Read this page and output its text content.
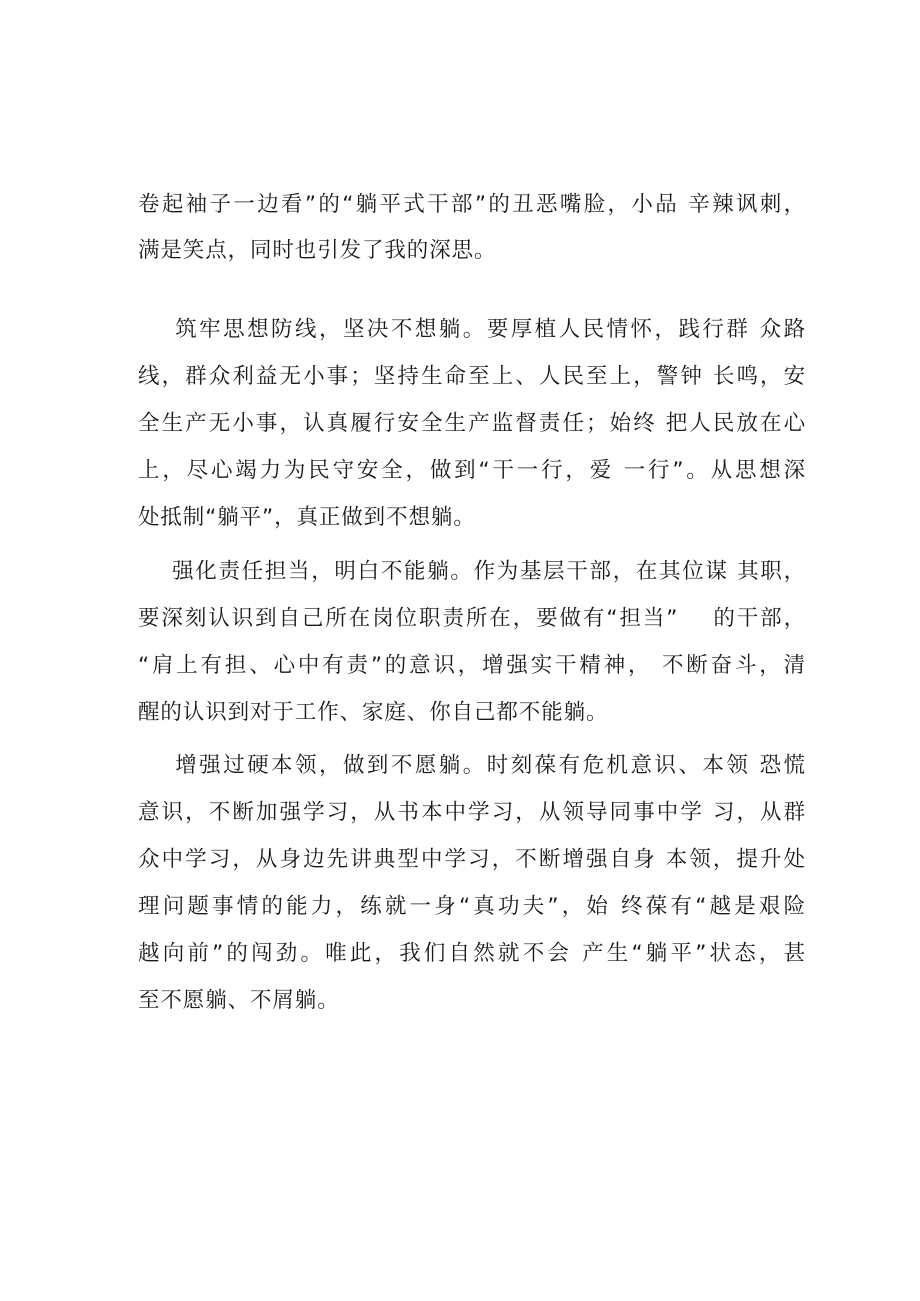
卷起袖子一边看”的“躺平式干部”的丑恶嘴脸，小品 辛辣讽刺，
满是笑点，同时也引发了我的深思。
筑牢思想防线，坚决不想躺。要厚植人民情怀，践行群 众路
线，群众利益无小事；坚持生命至上、人民至上，警钟 长鸣，安
全生产无小事，认真履行安全生产监督责任；始终 把人民放在心
上，尽心竭力为民守安全，做到“干一行，爱 一行”。从思想深
处抵制“躺平”，真正做到不想躺。
强化责任担当，明白不能躺。作为基层干部，在其位谋 其职，
要深刻认识到自己所在岗位职责所在，要做有“担当”    的干部，
“肩上有担、心中有责”的意识，增强实干精神， 不断奋斗，清
醒的认识到对于工作、家庭、你自己都不能躺。
增强过硬本领，做到不愿躺。时刻葆有危机意识、本领 恐慌
意识，不断加强学习，从书本中学习，从领导同事中学 习，从群
众中学习，从身边先讲典型中学习，不断增强自身 本领，提升处
理问题事情的能力，练就一身“真功夫”，始 终葆有“越是艰险
越向前”的闯劲。唯此，我们自然就不会 产生“躺平”状态，甚
至不愿躺、不屑躺。
